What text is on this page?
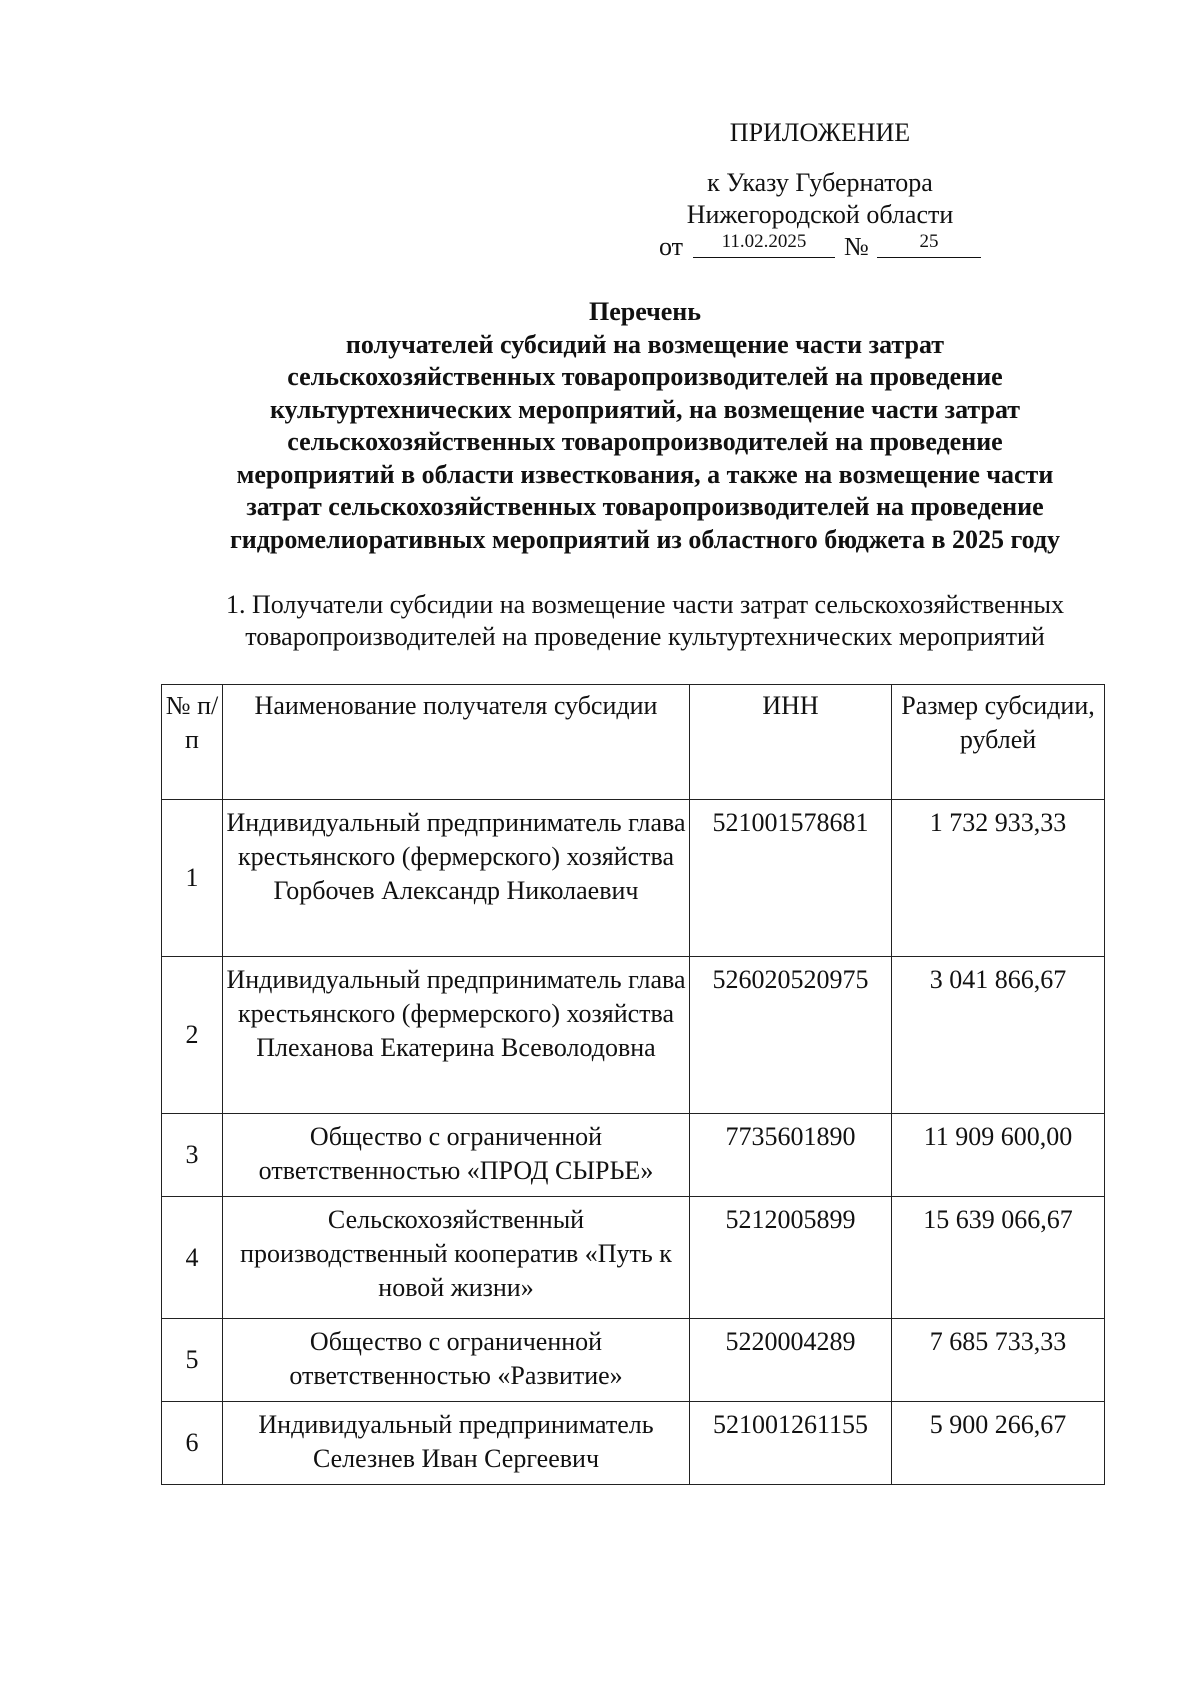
ПРИЛОЖЕНИЕ
к Указу Губернатора
Нижегородской области
от	11.02.2025	№	25
Перечень
получателей субсидий на возмещение части затрат
сельскохозяйственных товаропроизводителей на проведение
культуртехнических мероприятий, на возмещение части затрат
сельскохозяйственных товаропроизводителей на проведение
мероприятий в области известкования, а также на возмещение части
затрат сельскохозяйственных товаропроизводителей на проведение
гидромелиоративных мероприятий из областного бюджета в 2025 году
1. Получатели субсидии на возмещение части затрат сельскохозяйственных
товаропроизводителей на проведение культуртехнических мероприятий
№ п/п	Наименование получателя субсидии	ИНН	Размер субсидии, рублей
1	Индивидуальный предприниматель глава крестьянского (фермерского) хозяйства Горбочев Александр Николаевич	521001578681	1 732 933,33
2	Индивидуальный предприниматель глава крестьянского (фермерского) хозяйства Плеханова Екатерина Всеволодовна	526020520975	3 041 866,67
3	Общество с ограниченной ответственностью «ПРОД СЫРЬЕ»	7735601890	11 909 600,00
4	Сельскохозяйственный производственный кооператив «Путь к новой жизни»	5212005899	15 639 066,67
5	Общество с ограниченной ответственностью «Развитие»	5220004289	7 685 733,33
6	Индивидуальный предприниматель Селезнев Иван Сергеевич	521001261155	5 900 266,67
